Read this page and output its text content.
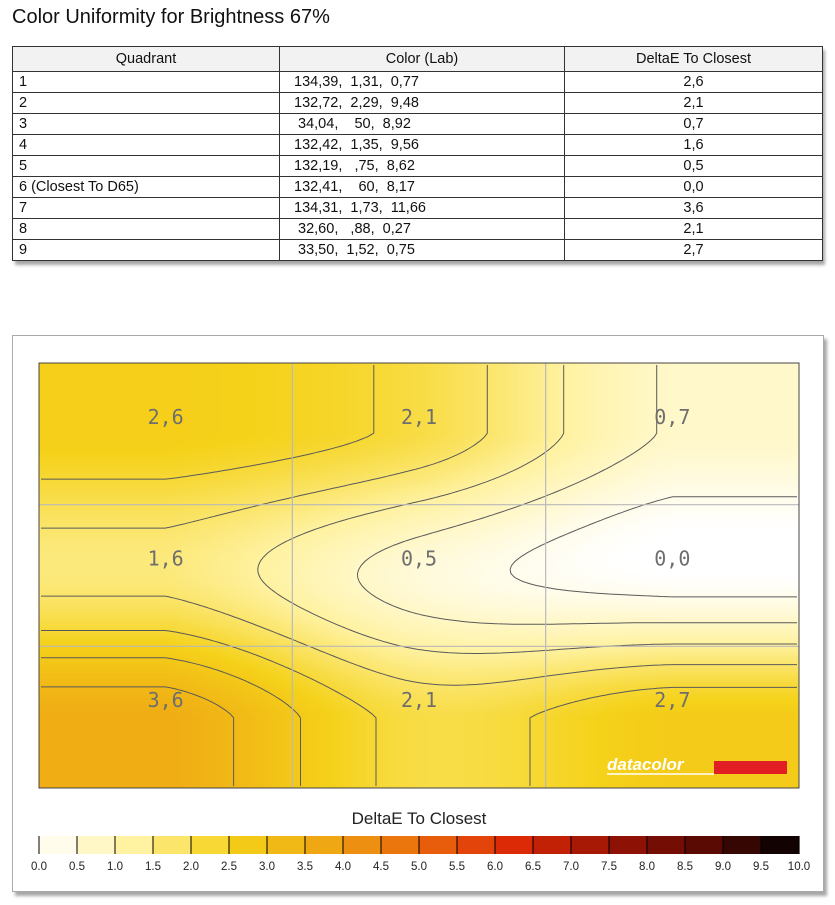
Color Uniformity for Brightness 67%
Quadrant	Color (Lab)	DeltaE To Closest
1	134,39,  1,31,  0,77	2,6
2	132,72,  2,29,  9,48	2,1
3	34,04,    50,  8,92	0,7
4	132,42,  1,35,  9,56	1,6
5	132,19,   ,75,  8,62	0,5
6 (Closest To D65)	132,41,    60,  8,17	0,0
7	134,31,  1,73,  11,66	3,6
8	32,60,   ,88,  0,27	2,1
9	33,50,  1,52,  0,75	2,7
2,6	2,1	0,7
1,6	0,5	0,0
3,6	2,1	2,7
datacolor
DeltaE To Closest
0.0 0.5 1.0 1.5 2.0 2.5 3.0 3.5 4.0 4.5 5.0 5.5 6.0 6.5 7.0 7.5 8.0 8.5 9.0 9.5 10.0
